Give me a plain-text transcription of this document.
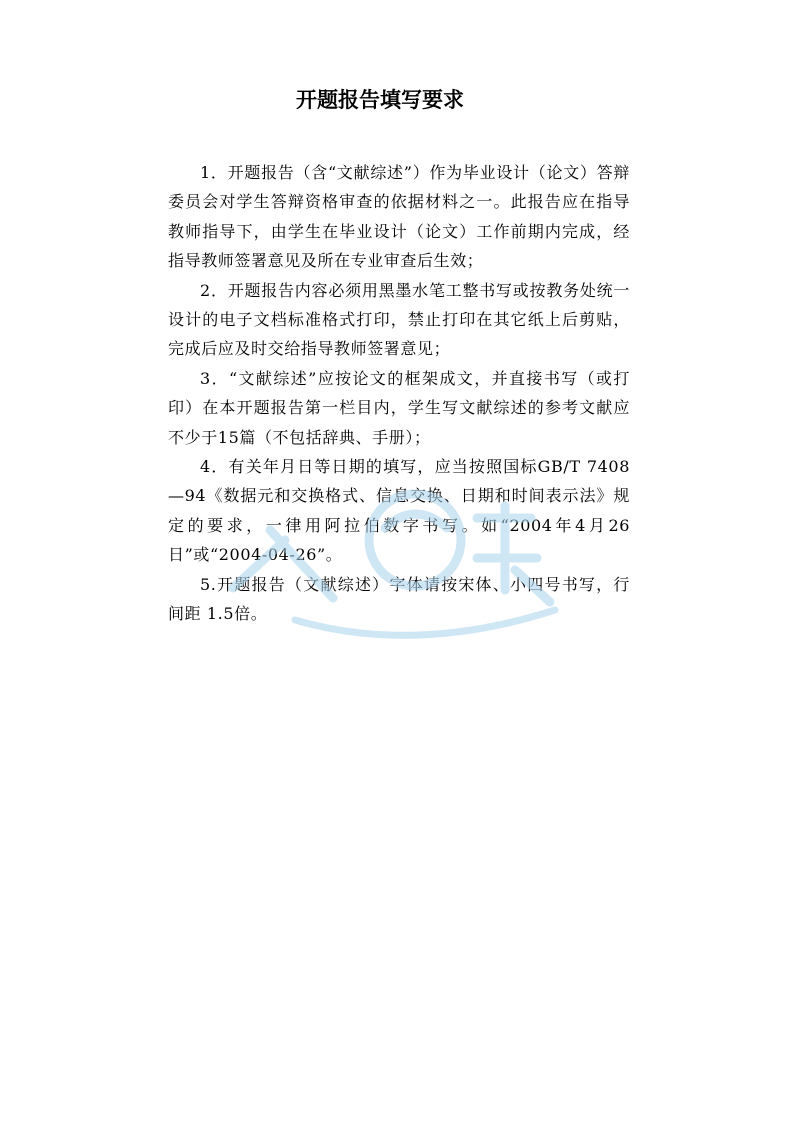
开题报告填写要求

1．开题报告（含“文献综述”）作为毕业设计（论文）答辩委员会对学生答辩资格审查的依据材料之一。此报告应在指导教师指导下，由学生在毕业设计（论文）工作前期内完成，经指导教师签署意见及所在专业审查后生效；

2．开题报告内容必须用黑墨水笔工整书写或按教务处统一设计的电子文档标准格式打印，禁止打印在其它纸上后剪贴，完成后应及时交给指导教师签署意见；

3．“文献综述”应按论文的框架成文，并直接书写（或打印）在本开题报告第一栏目内，学生写文献综述的参考文献应不少于15篇（不包括辞典、手册）；

4．有关年月日等日期的填写，应当按照国标GB/T 7408—94《数据元和交换格式、信息交换、日期和时间表示法》规定的要求，一律用阿拉伯数字书写。如“2004年4月26日”或“2004-04-26”。

5.开题报告（文献综述）字体请按宋体、小四号书写，行间距 1.5倍。
